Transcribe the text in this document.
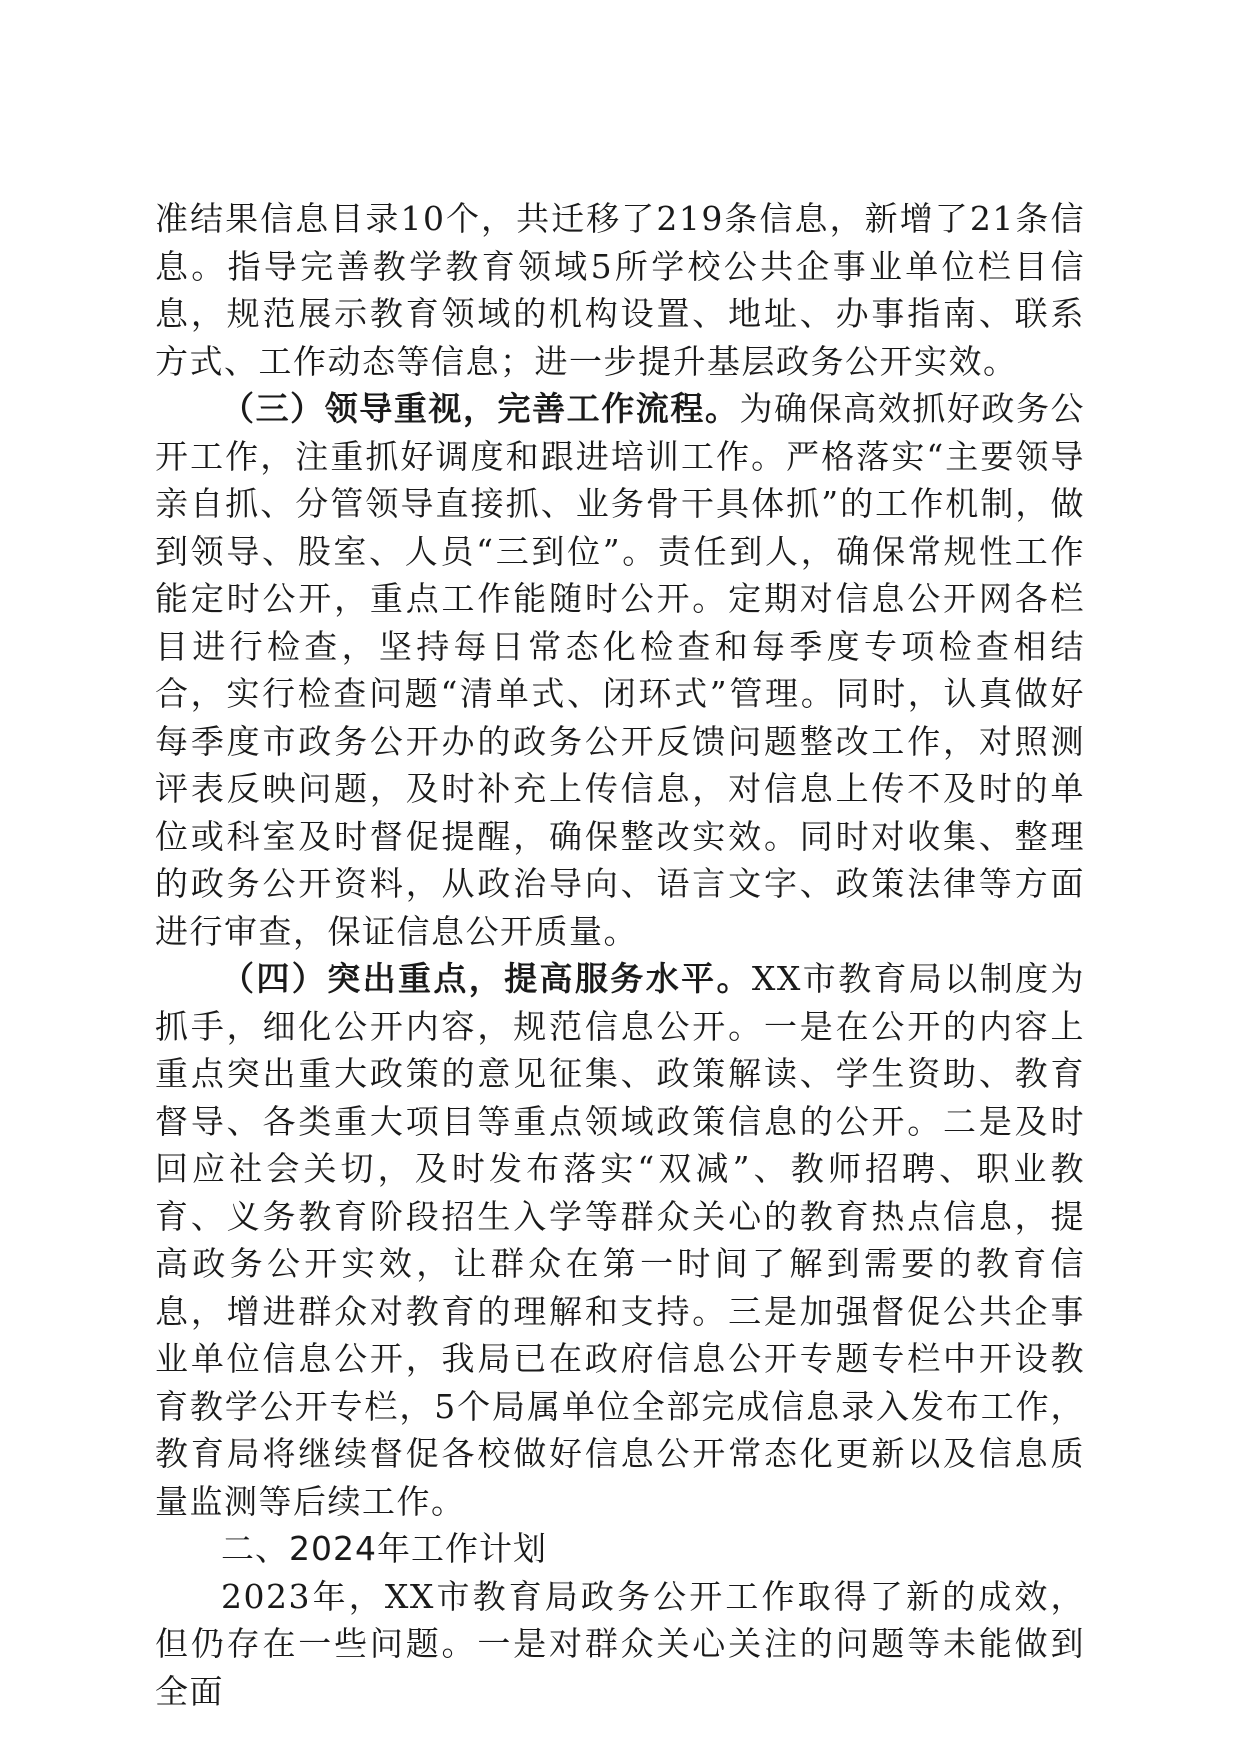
准结果信息目录10个，共迁移了219条信息，新增了21条信息。指导完善教学教育领域5所学校公共企事业单位栏目信息，规范展示教育领域的机构设置、地址、办事指南、联系方式、工作动态等信息；进一步提升基层政务公开实效。

（三）领导重视，完善工作流程。为确保高效抓好政务公开工作，注重抓好调度和跟进培训工作。严格落实“主要领导亲自抓、分管领导直接抓、业务骨干具体抓”的工作机制，做到领导、股室、人员“三到位”。责任到人，确保常规性工作能定时公开，重点工作能随时公开。定期对信息公开网各栏目进行检查，坚持每日常态化检查和每季度专项检查相结合，实行检查问题“清单式、闭环式”管理。同时，认真做好每季度市政务公开办的政务公开反馈问题整改工作，对照测评表反映问题，及时补充上传信息，对信息上传不及时的单位或科室及时督促提醒，确保整改实效。同时对收集、整理的政务公开资料，从政治导向、语言文字、政策法律等方面进行审查，保证信息公开质量。

（四）突出重点，提高服务水平。XX市教育局以制度为抓手，细化公开内容，规范信息公开。一是在公开的内容上重点突出重大政策的意见征集、政策解读、学生资助、教育督导、各类重大项目等重点领域政策信息的公开。二是及时回应社会关切，及时发布落实“双减”、教师招聘、职业教育、义务教育阶段招生入学等群众关心的教育热点信息，提高政务公开实效，让群众在第一时间了解到需要的教育信息，增进群众对教育的理解和支持。三是加强督促公共企事业单位信息公开，我局已在政府信息公开专题专栏中开设教育教学公开专栏，5个局属单位全部完成信息录入发布工作，教育局将继续督促各校做好信息公开常态化更新以及信息质量监测等后续工作。

二、2024年工作计划

2023年，XX市教育局政务公开工作取得了新的成效，但仍存在一些问题。一是对群众关心关注的问题等未能做到全面
